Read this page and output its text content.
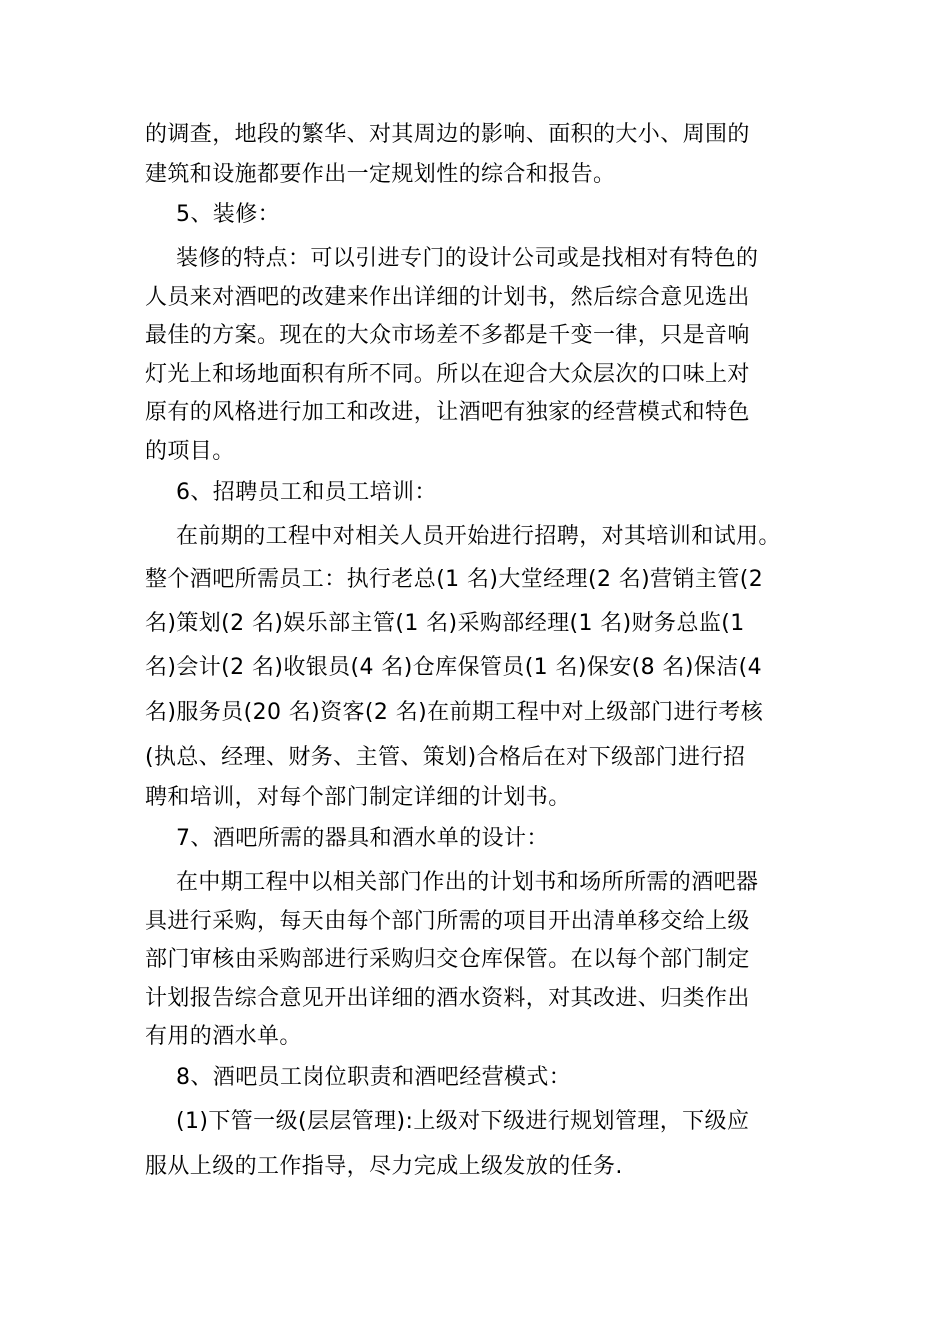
的调查，地段的繁华、对其周边的影响、面积的大小、周围的

建筑和设施都要作出一定规划性的综合和报告。

5、装修：

装修的特点：可以引进专门的设计公司或是找相对有特色的

人员来对酒吧的改建来作出详细的计划书，然后综合意见选出

最佳的方案。现在的大众市场差不多都是千变一律，只是音响

灯光上和场地面积有所不同。所以在迎合大众层次的口味上对

原有的风格进行加工和改进，让酒吧有独家的经营模式和特色

的项目。

6、招聘员工和员工培训：

在前期的工程中对相关人员开始进行招聘，对其培训和试用。

整个酒吧所需员工：执行老总(1 名)大堂经理(2 名)营销主管(2

名)策划(2 名)娱乐部主管(1 名)采购部经理(1 名)财务总监(1

名)会计(2 名)收银员(4 名)仓库保管员(1 名)保安(8 名)保洁(4

名)服务员(20 名)资客(2 名)在前期工程中对上级部门进行考核

(执总、经理、财务、主管、策划)合格后在对下级部门进行招

聘和培训，对每个部门制定详细的计划书。

7、酒吧所需的器具和酒水单的设计：

在中期工程中以相关部门作出的计划书和场所所需的酒吧器

具进行采购，每天由每个部门所需的项目开出清单移交给上级

部门审核由采购部进行采购归交仓库保管。在以每个部门制定

计划报告综合意见开出详细的酒水资料，对其改进、归类作出

有用的酒水单。

8、酒吧员工岗位职责和酒吧经营模式：

(1)下管一级(层层管理):上级对下级进行规划管理，下级应

服从上级的工作指导，尽力完成上级发放的任务.
